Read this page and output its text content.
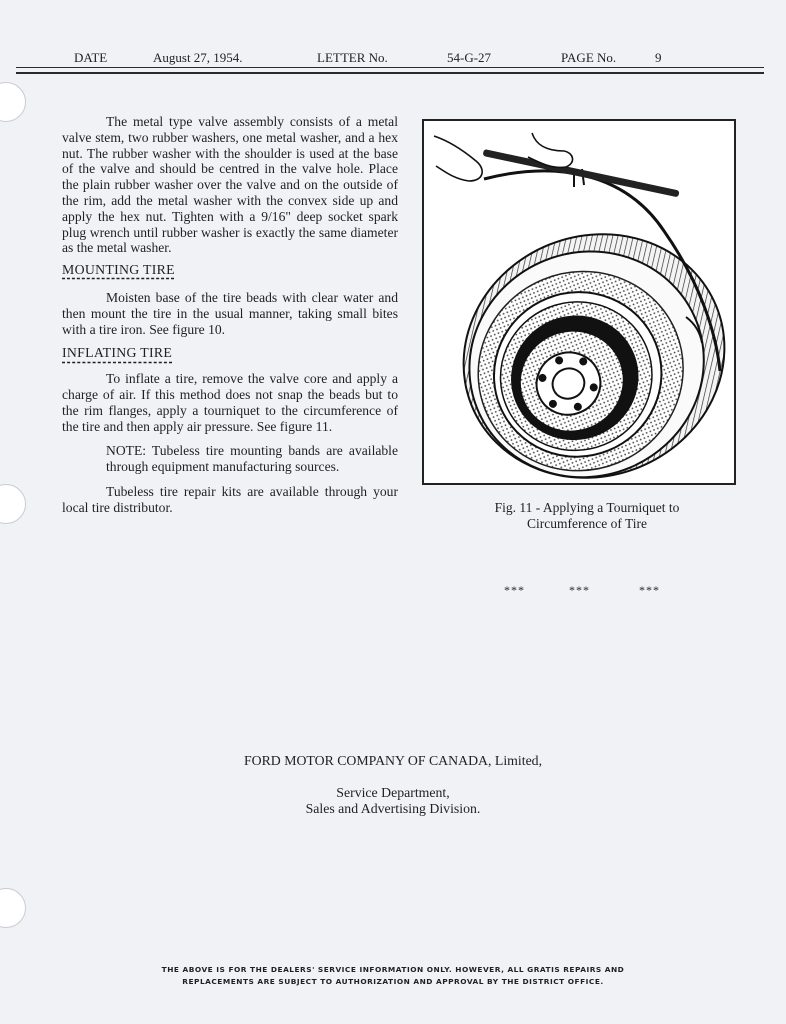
DATE	August 27, 1954.	LETTER No.	54-G-27	PAGE No.	9

The metal type valve assembly consists of a metal valve stem, two rubber washers, one metal washer, and a hex nut. The rubber washer with the shoulder is used at the base of the valve and should be centred in the valve hole. Place the plain rubber washer over the valve and on the outside of the rim, add the metal washer with the convex side up and apply the hex nut. Tighten with a 9/16" deep socket spark plug wrench until rubber washer is exactly the same diameter as the metal washer.

MOUNTING TIRE

Moisten base of the tire beads with clear water and then mount the tire in the usual manner, taking small bites with a tire iron. See figure 10.

INFLATING TIRE

To inflate a tire, remove the valve core and apply a charge of air. If this method does not snap the beads but to the rim flanges, apply a tourniquet to the circumference of the tire and then apply air pressure. See figure 11.

NOTE: Tubeless tire mounting bands are available through equipment manufacturing sources.

Tubeless tire repair kits are available through your local tire distributor.	Fig. 11 - Applying a Tourniquet to
Circumference of Tire
***	***	***
FORD MOTOR COMPANY OF CANADA, Limited,
Service Department,
Sales and Advertising Division.
THE ABOVE IS FOR THE DEALERS' SERVICE INFORMATION ONLY. HOWEVER, ALL GRATIS REPAIRS AND
REPLACEMENTS ARE SUBJECT TO AUTHORIZATION AND APPROVAL BY THE DISTRICT OFFICE.
